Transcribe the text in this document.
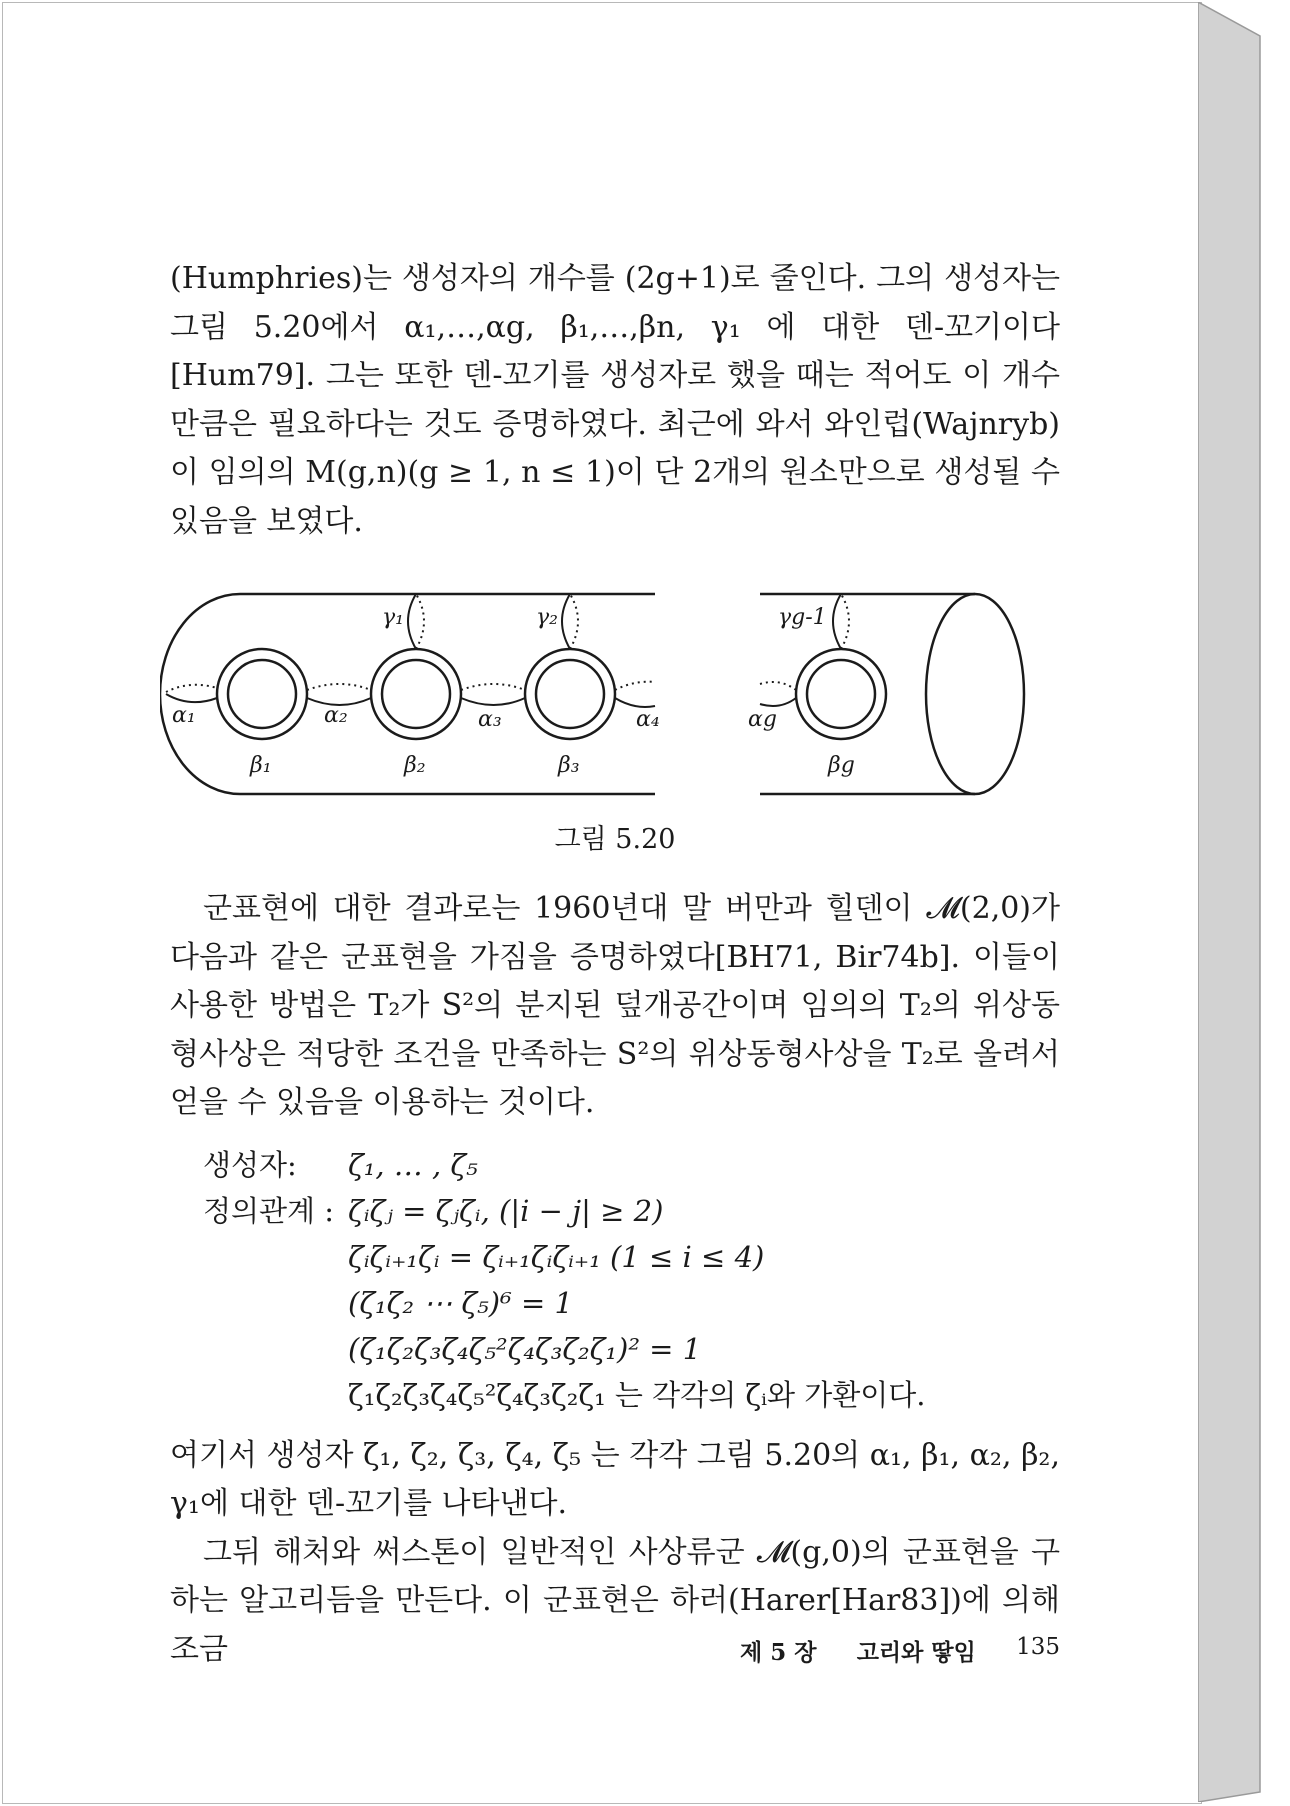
(Humphries)는 생성자의 개수를 (2g+1)로 줄인다. 그의 생성자는 그림 5.20에서 α₁,…,αg, β₁,…,βn, γ₁ 에 대한 덴-꼬기이다[Hum79]. 그는 또한 덴-꼬기를 생성자로 했을 때는 적어도 이 개수만큼은 필요하다는 것도 증명하였다. 최근에 와서 와인럽(Wajnryb)이 임의의 M(g,n)(g ≥ 1, n ≤ 1)이 단 2개의 원소만으로 생성될 수 있음을 보였다.

γ₁	γ₂	γg-1
α₁	α₂	α₃	α₄	αg
β₁	β₂	β₃	βg
그림 5.20

군표현에 대한 결과로는 1960년대 말 버만과 힐덴이 𝓜(2,0)가 다음과 같은 군표현을 가짐을 증명하였다[BH71, Bir74b]. 이들이 사용한 방법은 T₂가 S²의 분지된 덮개공간이며 임의의 T₂의 위상동형사상은 적당한 조건을 만족하는 S²의 위상동형사상을 T₂로 올려서 얻을 수 있음을 이용하는 것이다.

생성자:	ζ₁, … , ζ₅
정의관계 : ζᵢζⱼ = ζⱼζᵢ, (|i − j| ≥ 2)
ζᵢζᵢ₊₁ζᵢ = ζᵢ₊₁ζᵢζᵢ₊₁ (1 ≤ i ≤ 4)
(ζ₁ζ₂ ⋯ ζ₅)⁶ = 1
(ζ₁ζ₂ζ₃ζ₄ζ₅²ζ₄ζ₃ζ₂ζ₁)² = 1
ζ₁ζ₂ζ₃ζ₄ζ₅²ζ₄ζ₃ζ₂ζ₁ 는 각각의 ζᵢ와 가환이다.

여기서 생성자 ζ₁, ζ₂, ζ₃, ζ₄, ζ₅ 는 각각 그림 5.20의 α₁, β₁, α₂, β₂, γ₁에 대한 덴-꼬기를 나타낸다.

그뒤 해처와 써스톤이 일반적인 사상류군 𝓜(g,0)의 군표현을 구하는 알고리듬을 만든다. 이 군표현은 하러(Harer[Har83])에 의해 조금	제 5 장 고리와 땋임 135
